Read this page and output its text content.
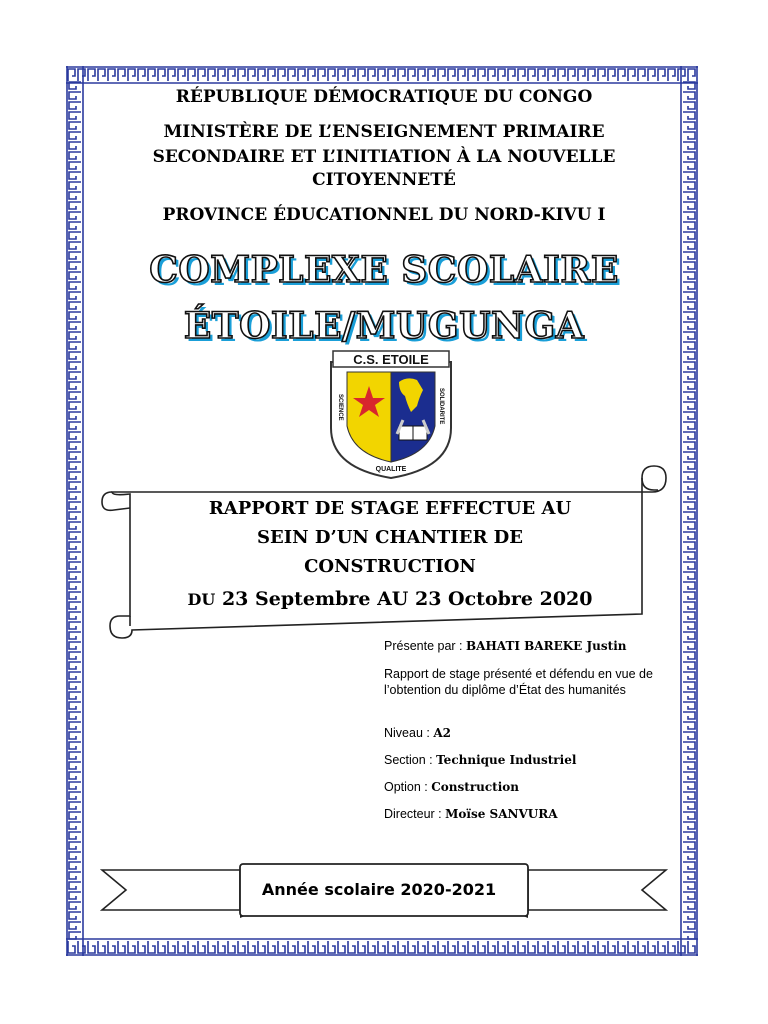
RÉPUBLIQUE DÉMOCRATIQUE DU CONGO
MINISTÈRE DE L’ENSEIGNEMENT PRIMAIRE
SECONDAIRE ET L’INITIATION À LA NOUVELLE
CITOYENNETÉ
PROVINCE ÉDUCATIONNEL DU NORD-KIVU I
COMPLEXE SCOLAIRE
ÉTOILE/MUGUNGA
C.S. ETOILE
SCIENCE	SOLIDARITE
QUALITE
RAPPORT DE STAGE EFFECTUE AU
SEIN D’UN CHANTIER DE
CONSTRUCTION
DU 23 Septembre AU 23 Octobre 2020
Présente par : BAHATI BAREKE Justin
Rapport de stage présenté et défendu en vue de l’obtention du diplôme d’État des humanités
Niveau : A2
Section : Technique Industriel
Option : Construction
Directeur : Moïse SANVURA
Année scolaire 2020-2021
